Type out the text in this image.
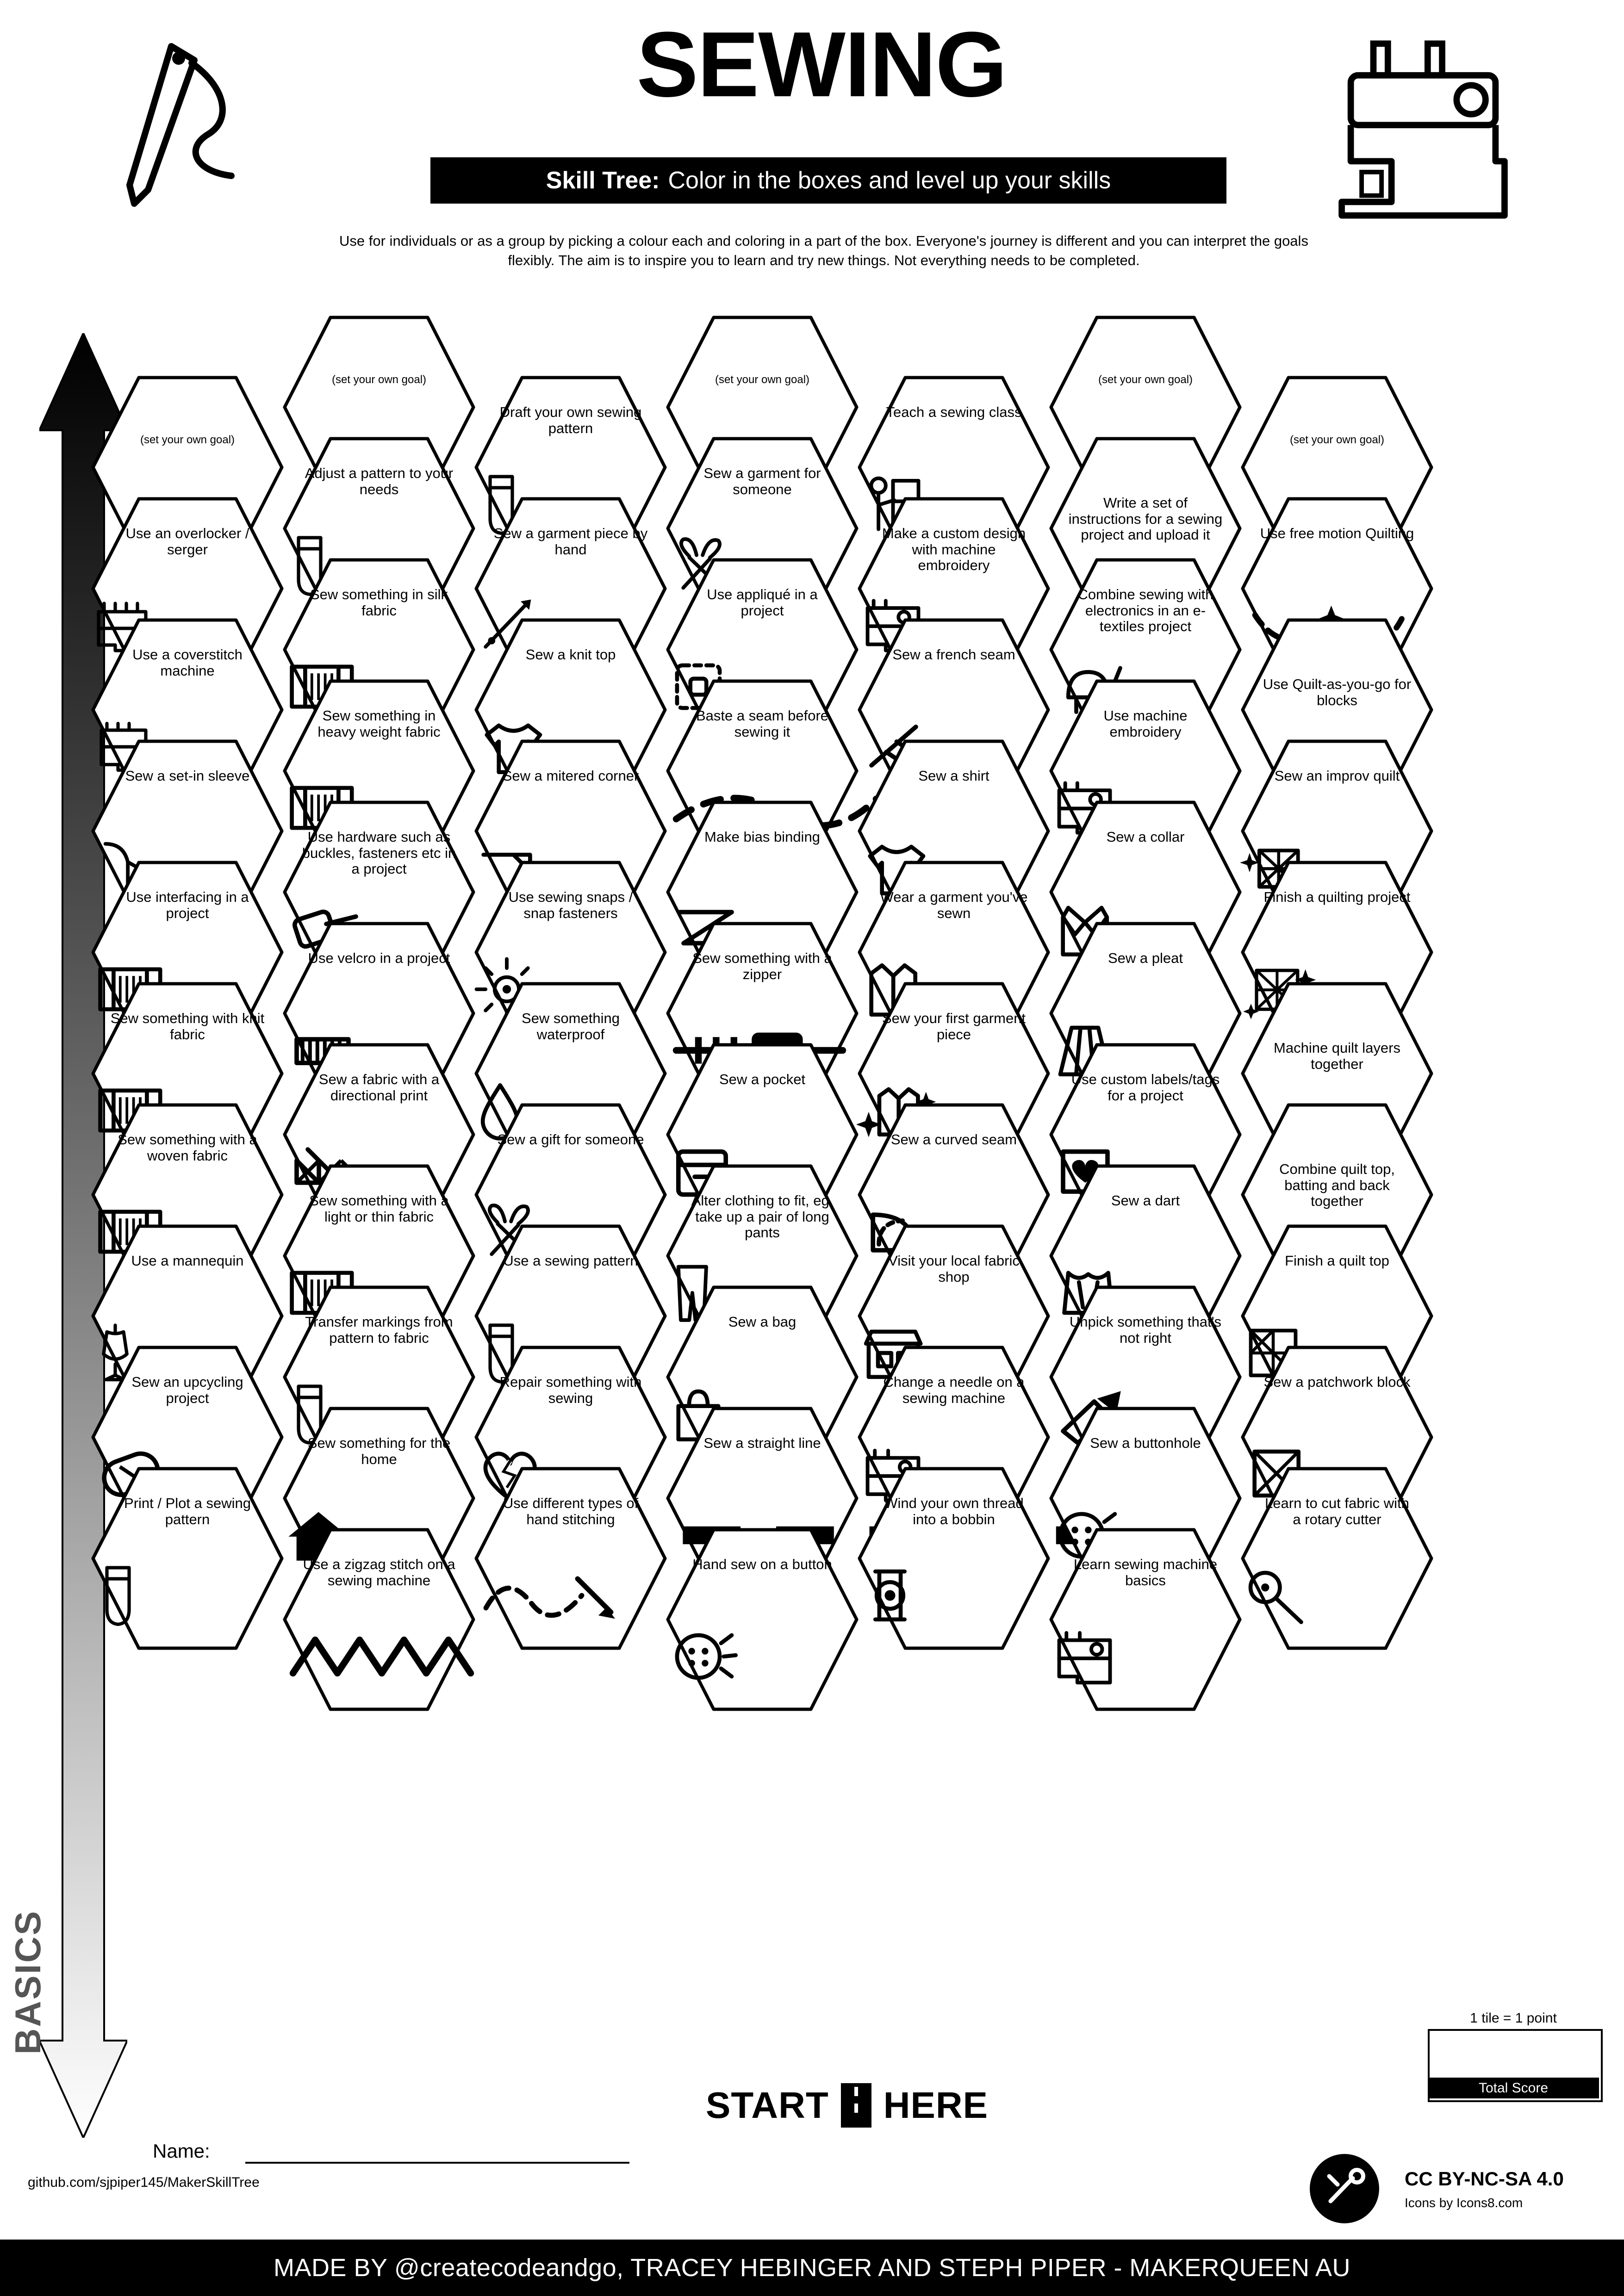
SEWING
Skill Tree: Color in the boxes and level up your skills
Use for individuals or as a group by picking a colour each and coloring in a part of the box. Everyone's journey is different and you can interpret the goals flexibly. The aim is to inspire you to learn and try new things. Not everything needs to be completed.
ADVANCED
BASICS
(set your own goal)
Use an overlocker / serger
Use a coverstitch machine
Sew a set-in sleeve
Use interfacing in a project
Sew something with knit fabric
Sew something with a woven fabric
Use a mannequin
Sew an upcycling project
Print / Plot a sewing pattern
(set your own goal)
Adjust a pattern to your needs
Sew something in silk fabric
Sew something in heavy weight fabric
Use hardware such as buckles, fasteners etc in a project
Use velcro in a project
Sew a fabric with a directional print
Sew something with a light or thin fabric
Transfer markings from pattern to fabric
Sew something for the home
Use a zigzag stitch on a sewing machine
Draft your own sewing pattern
Sew a garment piece by hand
Sew a knit top
Sew a mitered corner
Use sewing snaps / snap fasteners
Sew something waterproof
Sew a gift for someone
Use a sewing pattern
Repair something with sewing
Use different types of hand stitching
(set your own goal)
Sew a garment for someone
Use appliqué in a project
Baste a seam before sewing it
Make bias binding
Sew something with a zipper
Sew a pocket
Alter clothing to fit, eg. take up a pair of long pants
Sew a bag
Sew a straight line
Hand sew on a button
Teach a sewing class
Make a custom design with machine embroidery
Sew a french seam
Sew a shirt
Wear a garment you've sewn
Sew your first garment piece
Sew a curved seam
Visit your local fabric shop
Change a needle on a sewing machine
Wind your own thread into a bobbin
(set your own goal)
Write a set of instructions for a sewing project and upload it
Combine sewing with electronics in an e-textiles project
Use machine embroidery
Sew a collar
Sew a pleat
Use custom labels/tags for a project
Sew a dart
Unpick something that's not right
Sew a buttonhole
Learn sewing machine basics
(set your own goal)
Use free motion Quilting
Use Quilt-as-you-go for blocks
Sew an improv quilt
Finish a quilting project
Machine quilt layers together
Combine quilt top, batting and back together
Finish a quilt top
Sew a patchwork block
Learn to cut fabric with a rotary cutter
START HERE
Name:
github.com/sjpiper145/MakerSkillTree
1 tile = 1 point
Total Score
CC BY-NC-SA 4.0
Icons by Icons8.com
MADE BY @createcodeandgo, TRACEY HEBINGER AND STEPH PIPER - MAKERQUEEN AU
